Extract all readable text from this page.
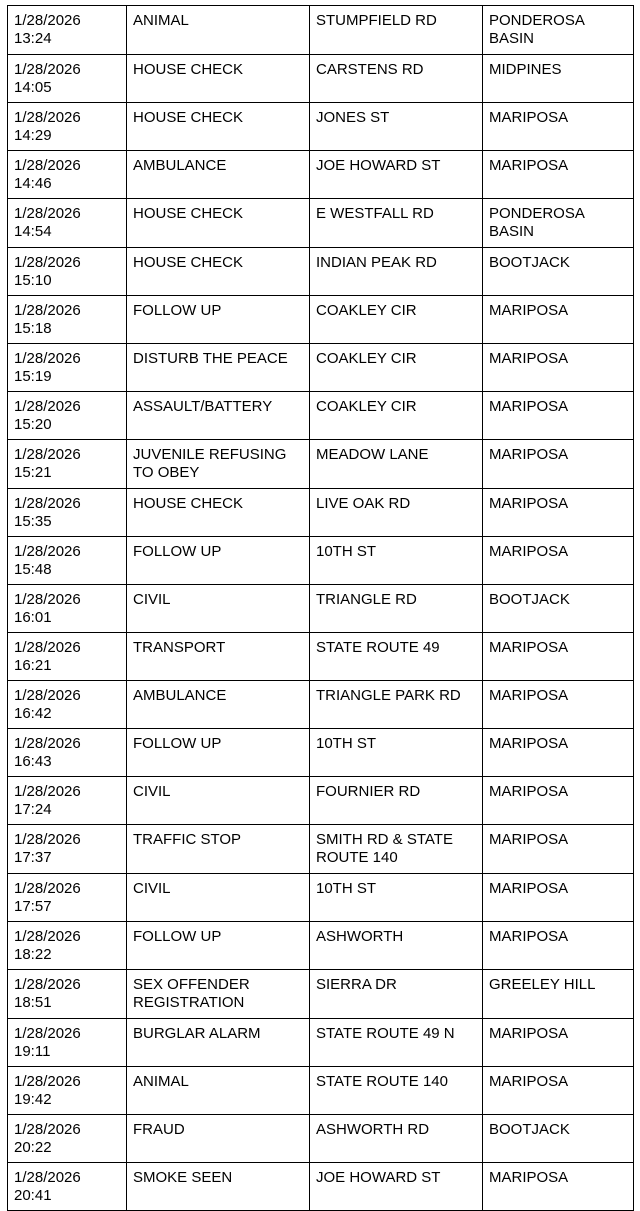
1/28/2026 13:24	ANIMAL	STUMPFIELD RD	PONDEROSA BASIN
1/28/2026 14:05	HOUSE CHECK	CARSTENS RD	MIDPINES
1/28/2026 14:29	HOUSE CHECK	JONES ST	MARIPOSA
1/28/2026 14:46	AMBULANCE	JOE HOWARD ST	MARIPOSA
1/28/2026 14:54	HOUSE CHECK	E WESTFALL RD	PONDEROSA BASIN
1/28/2026 15:10	HOUSE CHECK	INDIAN PEAK RD	BOOTJACK
1/28/2026 15:18	FOLLOW UP	COAKLEY CIR	MARIPOSA
1/28/2026 15:19	DISTURB THE PEACE	COAKLEY CIR	MARIPOSA
1/28/2026 15:20	ASSAULT/BATTERY	COAKLEY CIR	MARIPOSA
1/28/2026 15:21	JUVENILE REFUSING TO OBEY	MEADOW LANE	MARIPOSA
1/28/2026 15:35	HOUSE CHECK	LIVE OAK RD	MARIPOSA
1/28/2026 15:48	FOLLOW UP	10TH ST	MARIPOSA
1/28/2026 16:01	CIVIL	TRIANGLE RD	BOOTJACK
1/28/2026 16:21	TRANSPORT	STATE ROUTE 49	MARIPOSA
1/28/2026 16:42	AMBULANCE	TRIANGLE PARK RD	MARIPOSA
1/28/2026 16:43	FOLLOW UP	10TH ST	MARIPOSA
1/28/2026 17:24	CIVIL	FOURNIER RD	MARIPOSA
1/28/2026 17:37	TRAFFIC STOP	SMITH RD & STATE ROUTE 140	MARIPOSA
1/28/2026 17:57	CIVIL	10TH ST	MARIPOSA
1/28/2026 18:22	FOLLOW UP	ASHWORTH	MARIPOSA
1/28/2026 18:51	SEX OFFENDER REGISTRATION	SIERRA DR	GREELEY HILL
1/28/2026 19:11	BURGLAR ALARM	STATE ROUTE 49 N	MARIPOSA
1/28/2026 19:42	ANIMAL	STATE ROUTE 140	MARIPOSA
1/28/2026 20:22	FRAUD	ASHWORTH RD	BOOTJACK
1/28/2026 20:41	SMOKE SEEN	JOE HOWARD ST	MARIPOSA
